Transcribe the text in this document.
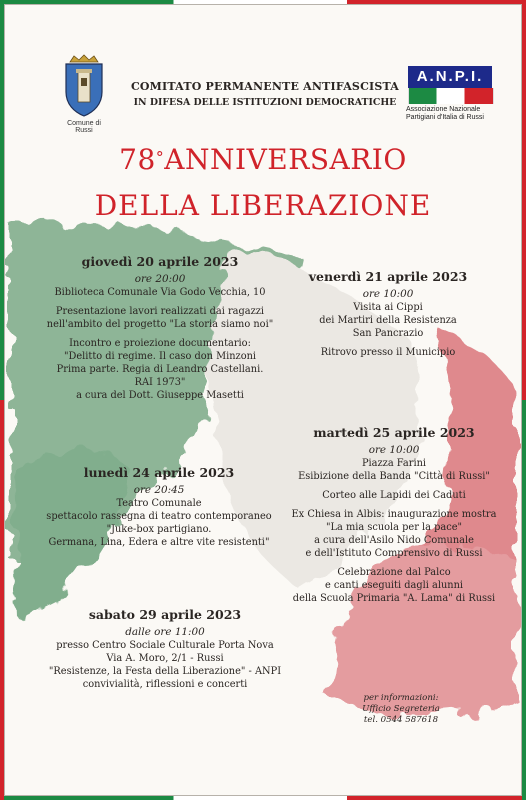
Comune di Russi
COMITATO PERMANENTE ANTIFASCISTA
IN DIFESA DELLE ISTITUZIONI DEMOCRATICHE
A.N.P.I.
Associazione Nazionale
Partigiani d'Italia di Russi
78°ANNIVERSARIO
DELLA LIBERAZIONE
giovedì 20 aprile 2023
ore 20:00
Biblioteca Comunale Via Godo Vecchia, 10
Presentazione lavori realizzati dai ragazzi
nell'ambito del progetto "La storia siamo noi"
Incontro e proiezione documentario:
"Delitto di regime. Il caso don Minzoni
Prima parte. Regia di Leandro Castellani.
RAI 1973"
a cura del Dott. Giuseppe Masetti
venerdì 21 aprile 2023
ore 10:00
Visita ai Cippi
dei Martiri della Resistenza
San Pancrazio
Ritrovo presso il Municipio
lunedì 24 aprile 2023
ore 20:45
Teatro Comunale
spettacolo rassegna di teatro contemporaneo
"Juke-box partigiano.
Germana, Lina, Edera e altre vite resistenti"
martedì 25 aprile 2023
ore 10:00
Piazza Farini
Esibizione della Banda "Città di Russi"
Corteo alle Lapidi dei Caduti
Ex Chiesa in Albis: inaugurazione mostra
"La mia scuola per la pace"
a cura dell'Asilo Nido Comunale
e dell'Istituto Comprensivo di Russi
Celebrazione dal Palco
e canti eseguiti dagli alunni
della Scuola Primaria "A. Lama" di Russi
sabato 29 aprile 2023
dalle ore 11:00
presso Centro Sociale Culturale Porta Nova
Via A. Moro, 2/1 - Russi
"Resistenze, la Festa della Liberazione" - ANPI
convivialità, riflessioni e concerti
per informazioni:
Ufficio Segreteria
tel. 0544 587618
